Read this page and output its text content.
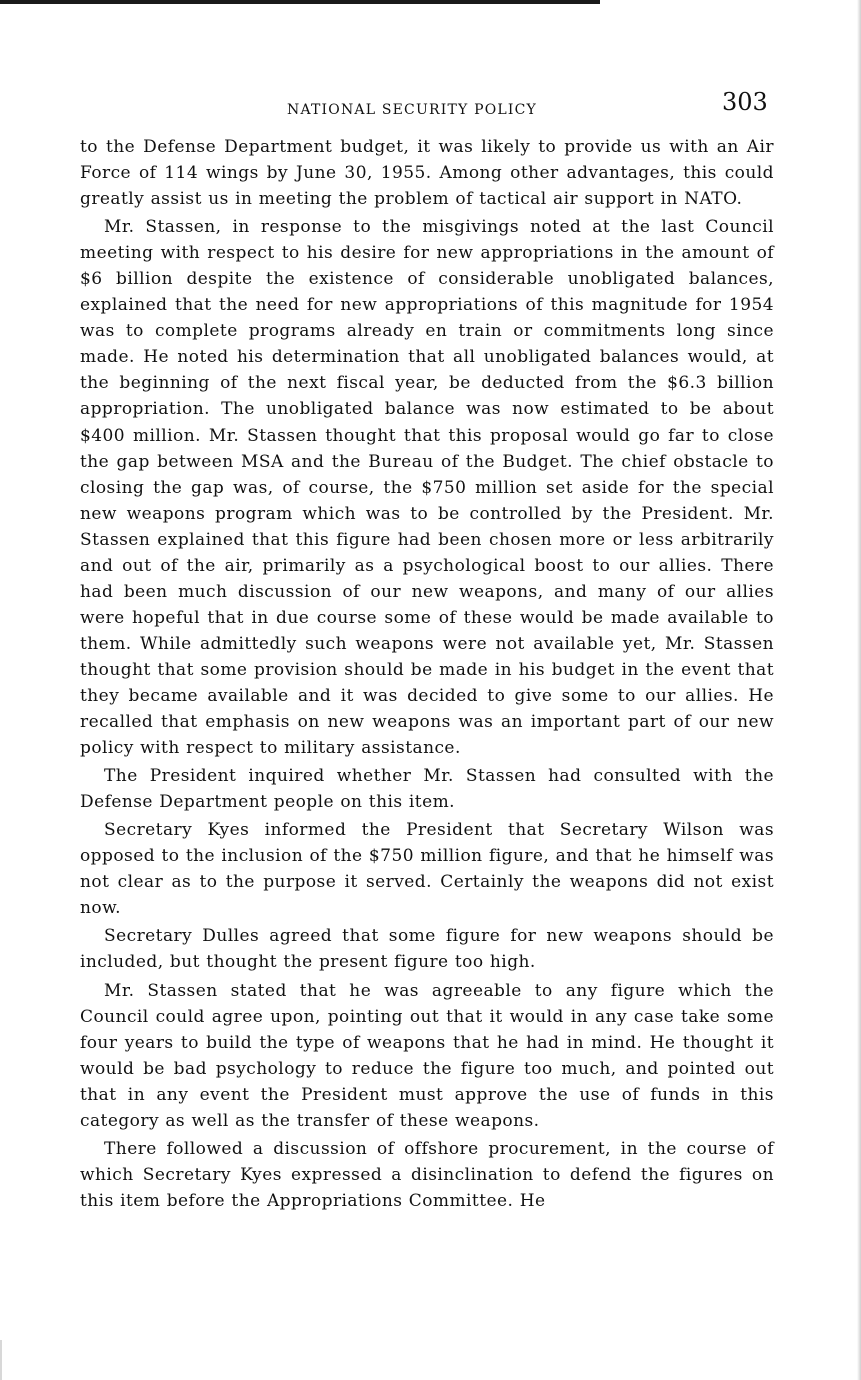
NATIONAL SECURITY POLICY	303

to the Defense Department budget, it was likely to provide us with an Air Force of 114 wings by June 30, 1955. Among other advantages, this could greatly assist us in meeting the problem of tactical air support in NATO.

Mr. Stassen, in response to the misgivings noted at the last Council meeting with respect to his desire for new appropriations in the amount of $6 billion despite the existence of considerable unobligated balances, explained that the need for new appropriations of this magnitude for 1954 was to complete programs already en train or commitments long since made. He noted his determination that all unobligated balances would, at the beginning of the next fiscal year, be deducted from the $6.3 billion appropriation. The unobligated balance was now estimated to be about $400 million. Mr. Stassen thought that this proposal would go far to close the gap between MSA and the Bureau of the Budget. The chief obstacle to closing the gap was, of course, the $750 million set aside for the special new weapons program which was to be controlled by the President. Mr. Stassen explained that this figure had been chosen more or less arbitrarily and out of the air, primarily as a psychological boost to our allies. There had been much discussion of our new weapons, and many of our allies were hopeful that in due course some of these would be made available to them. While admittedly such weapons were not available yet, Mr. Stassen thought that some provision should be made in his budget in the event that they became available and it was decided to give some to our allies. He recalled that emphasis on new weapons was an important part of our new policy with respect to military assistance.

The President inquired whether Mr. Stassen had consulted with the Defense Department people on this item.

Secretary Kyes informed the President that Secretary Wilson was opposed to the inclusion of the $750 million figure, and that he himself was not clear as to the purpose it served. Certainly the weapons did not exist now.

Secretary Dulles agreed that some figure for new weapons should be included, but thought the present figure too high.

Mr. Stassen stated that he was agreeable to any figure which the Council could agree upon, pointing out that it would in any case take some four years to build the type of weapons that he had in mind. He thought it would be bad psychology to reduce the figure too much, and pointed out that in any event the President must approve the use of funds in this category as well as the transfer of these weapons.

There followed a discussion of offshore procurement, in the course of which Secretary Kyes expressed a disinclination to defend the figures on this item before the Appropriations Committee. He
